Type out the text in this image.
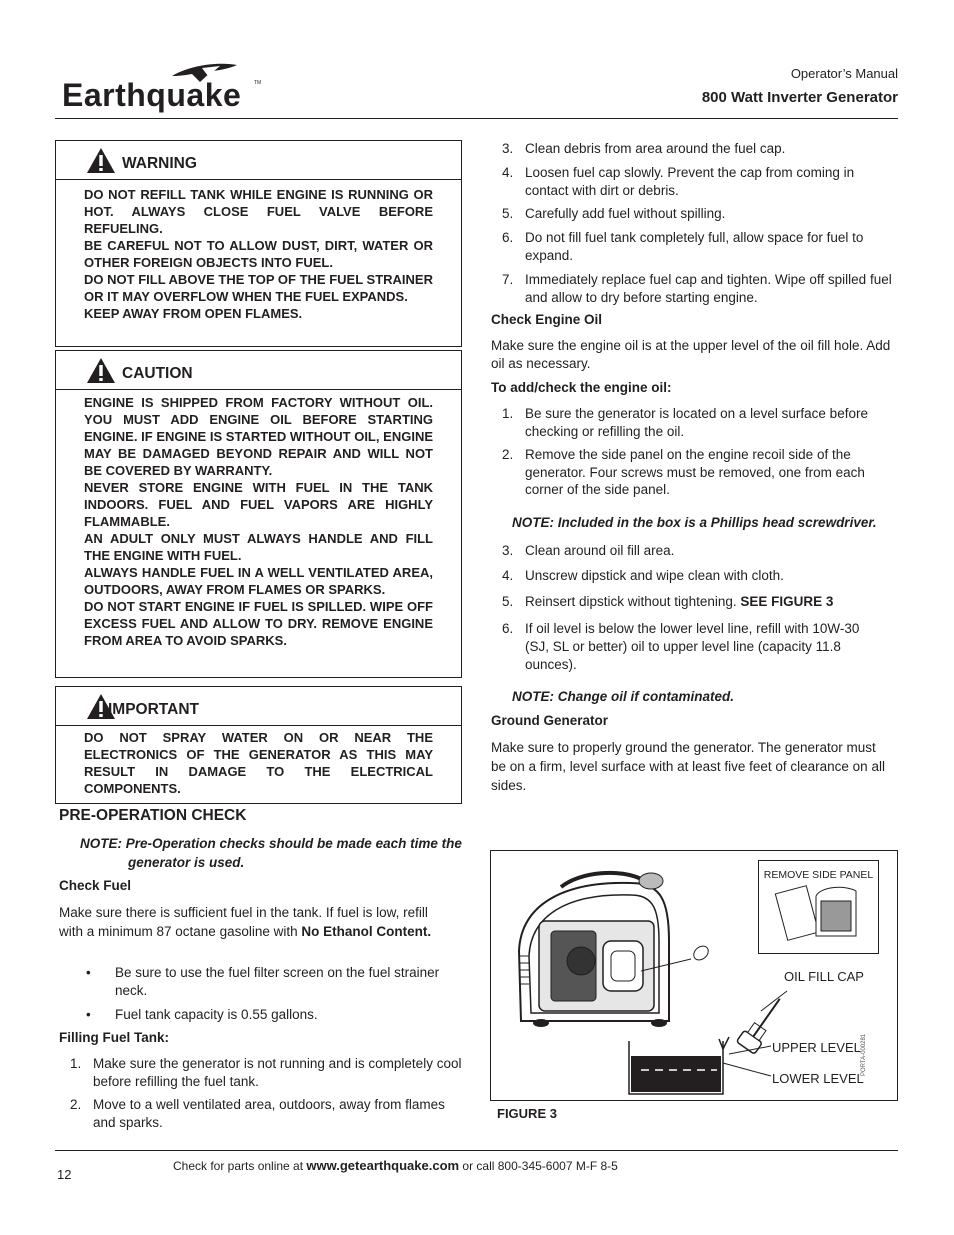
Earthquake	TM
Operator’s Manual
800 Watt Inverter Generator
WARNING

DO NOT REFILL TANK WHILE ENGINE IS RUNNING OR HOT. ALWAYS CLOSE FUEL VALVE BEFORE REFUELING.

BE CAREFUL NOT TO ALLOW DUST, DIRT, WATER OR OTHER FOREIGN OBJECTS INTO FUEL.

DO NOT FILL ABOVE THE TOP OF THE FUEL STRAINER OR IT MAY OVERFLOW WHEN THE FUEL EXPANDS.

KEEP AWAY FROM OPEN FLAMES.

CAUTION

ENGINE IS SHIPPED FROM FACTORY WITHOUT OIL. YOU MUST ADD ENGINE OIL BEFORE STARTING ENGINE. IF ENGINE IS STARTED WITHOUT OIL, ENGINE MAY BE DAMAGED BEYOND REPAIR AND WILL NOT BE COVERED BY WARRANTY.

NEVER STORE ENGINE WITH FUEL IN THE TANK INDOORS. FUEL AND FUEL VAPORS ARE HIGHLY FLAMMABLE.

AN ADULT ONLY MUST ALWAYS HANDLE AND FILL THE ENGINE WITH FUEL.

ALWAYS HANDLE FUEL IN A WELL VENTILATED AREA, OUTDOORS, AWAY FROM FLAMES OR SPARKS.

DO NOT START ENGINE IF FUEL IS SPILLED. WIPE OFF EXCESS FUEL AND ALLOW TO DRY. REMOVE ENGINE FROM AREA TO AVOID SPARKS.

IMPORTANT

DO NOT SPRAY WATER ON OR NEAR THE ELECTRONICS OF THE GENERATOR AS THIS MAY RESULT IN DAMAGE TO THE ELECTRICAL COMPONENTS.

PRE-OPERATION CHECK
NOTE: Pre-Operation checks should be made each time the generator is used.
Check Fuel
Make sure there is sufficient fuel in the tank. If fuel is low, refill with a minimum 87 octane gasoline with No Ethanol Content.
• Be sure to use the fuel filter screen on the fuel strainer neck.
• Fuel tank capacity is 0.55 gallons.
Filling Fuel Tank:
1. Make sure the generator is not running and is completely cool before refilling the fuel tank.
2. Move to a well ventilated area, outdoors, away from flames and sparks.
3. Clean debris from area around the fuel cap.
4. Loosen fuel cap slowly. Prevent the cap from coming in contact with dirt or debris.
5. Carefully add fuel without spilling.
6. Do not fill fuel tank completely full, allow space for fuel to expand.
7. Immediately replace fuel cap and tighten. Wipe off spilled fuel and allow to dry before starting engine.
Check Engine Oil
Make sure the engine oil is at the upper level of the oil fill hole. Add oil as necessary.
To add/check the engine oil:
1. Be sure the generator is located on a level surface before checking or refilling the oil.
2. Remove the side panel on the engine recoil side of the generator. Four screws must be removed, one from each corner of the side panel.
NOTE: Included in the box is a Phillips head screwdriver.
3. Clean around oil fill area.
4. Unscrew dipstick and wipe clean with cloth.
5. Reinsert dipstick without tightening. SEE FIGURE 3
6. If oil level is below the lower level line, refill with 10W-30 (SJ, SL or better) oil to upper level line (capacity 11.8 ounces).
NOTE: Change oil if contaminated.
Ground Generator
Make sure to properly ground the generator. The generator must be on a firm, level surface with at least five feet of clearance on all sides.
REMOVE SIDE PANEL
OIL FILL CAP
UPPER LEVEL
LOWER LEVEL
PORTA-000281
FIGURE 3
12
Check for parts online at www.getearthquake.com or call 800-345-6007 M-F 8-5
